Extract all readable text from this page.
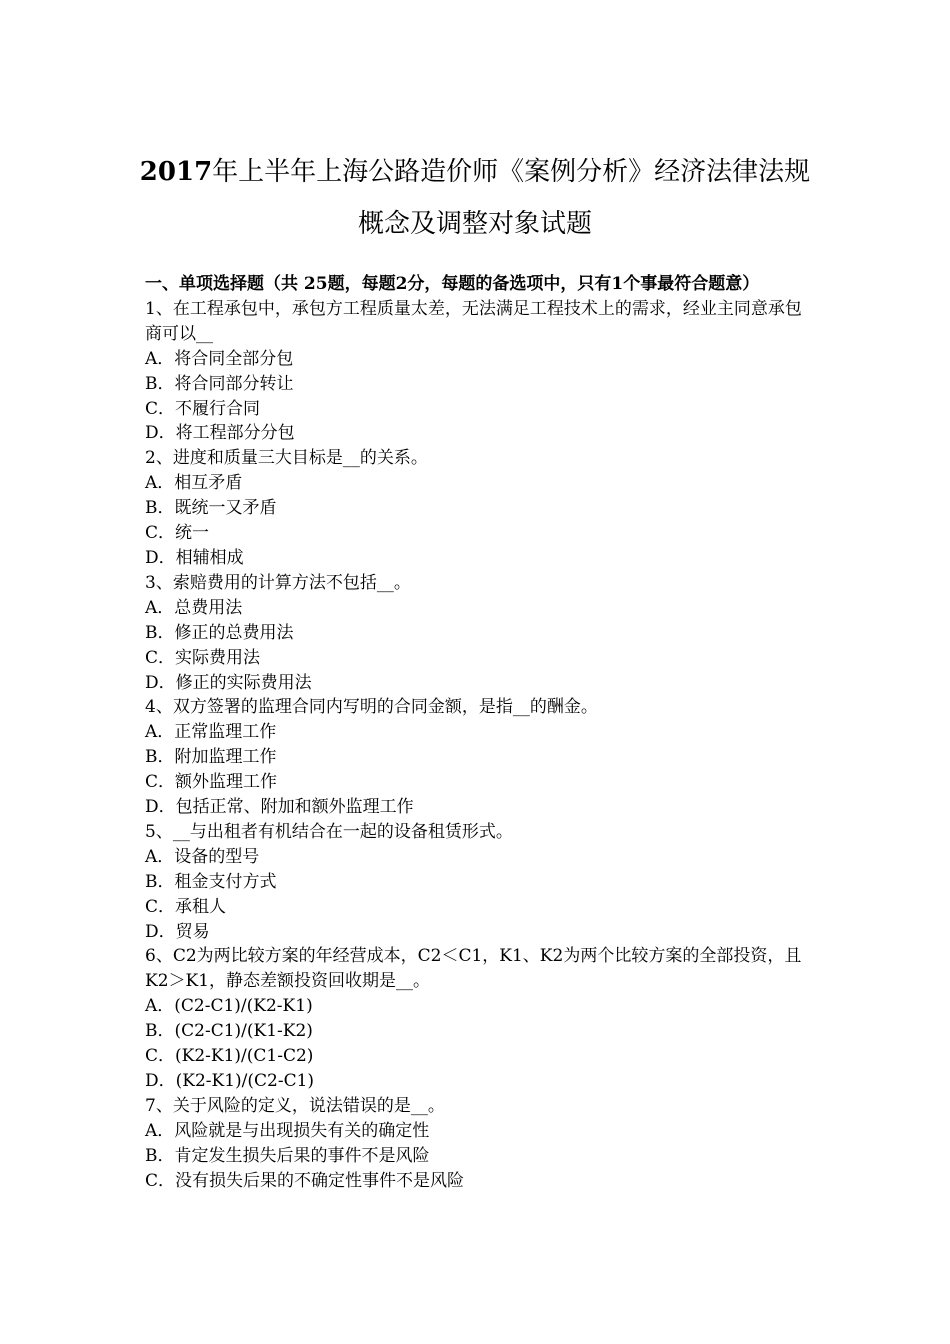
2017年上半年上海公路造价师《案例分析》经济法律法规
概念及调整对象试题

一、单项选择题（共 25题，每题2分，每题的备选项中，只有1个事最符合题意）

1、在工程承包中，承包方工程质量太差，无法满足工程技术上的需求，经业主同意承包商可以__

A．将合同全部分包

B．将合同部分转让

C．不履行合同

D．将工程部分分包

2、进度和质量三大目标是__的关系。

A．相互矛盾

B．既统一又矛盾

C．统一

D．相辅相成

3、索赔费用的计算方法不包括__。

A．总费用法

B．修正的总费用法

C．实际费用法

D．修正的实际费用法

4、双方签署的监理合同内写明的合同金额，是指__的酬金。

A．正常监理工作

B．附加监理工作

C．额外监理工作

D．包括正常、附加和额外监理工作

5、__与出租者有机结合在一起的设备租赁形式。

A．设备的型号

B．租金支付方式

C．承租人

D．贸易

6、C2为两比较方案的年经营成本，C2＜C1，K1、K2为两个比较方案的全部投资，且K2＞K1，静态差额投资回收期是__。

A．(C2-C1)/(K2-K1)

B．(C2-C1)/(K1-K2)

C．(K2-K1)/(C1-C2)

D．(K2-K1)/(C2-C1)

7、关于风险的定义，说法错误的是__。

A．风险就是与出现损失有关的确定性

B．肯定发生损失后果的事件不是风险

C．没有损失后果的不确定性事件不是风险
